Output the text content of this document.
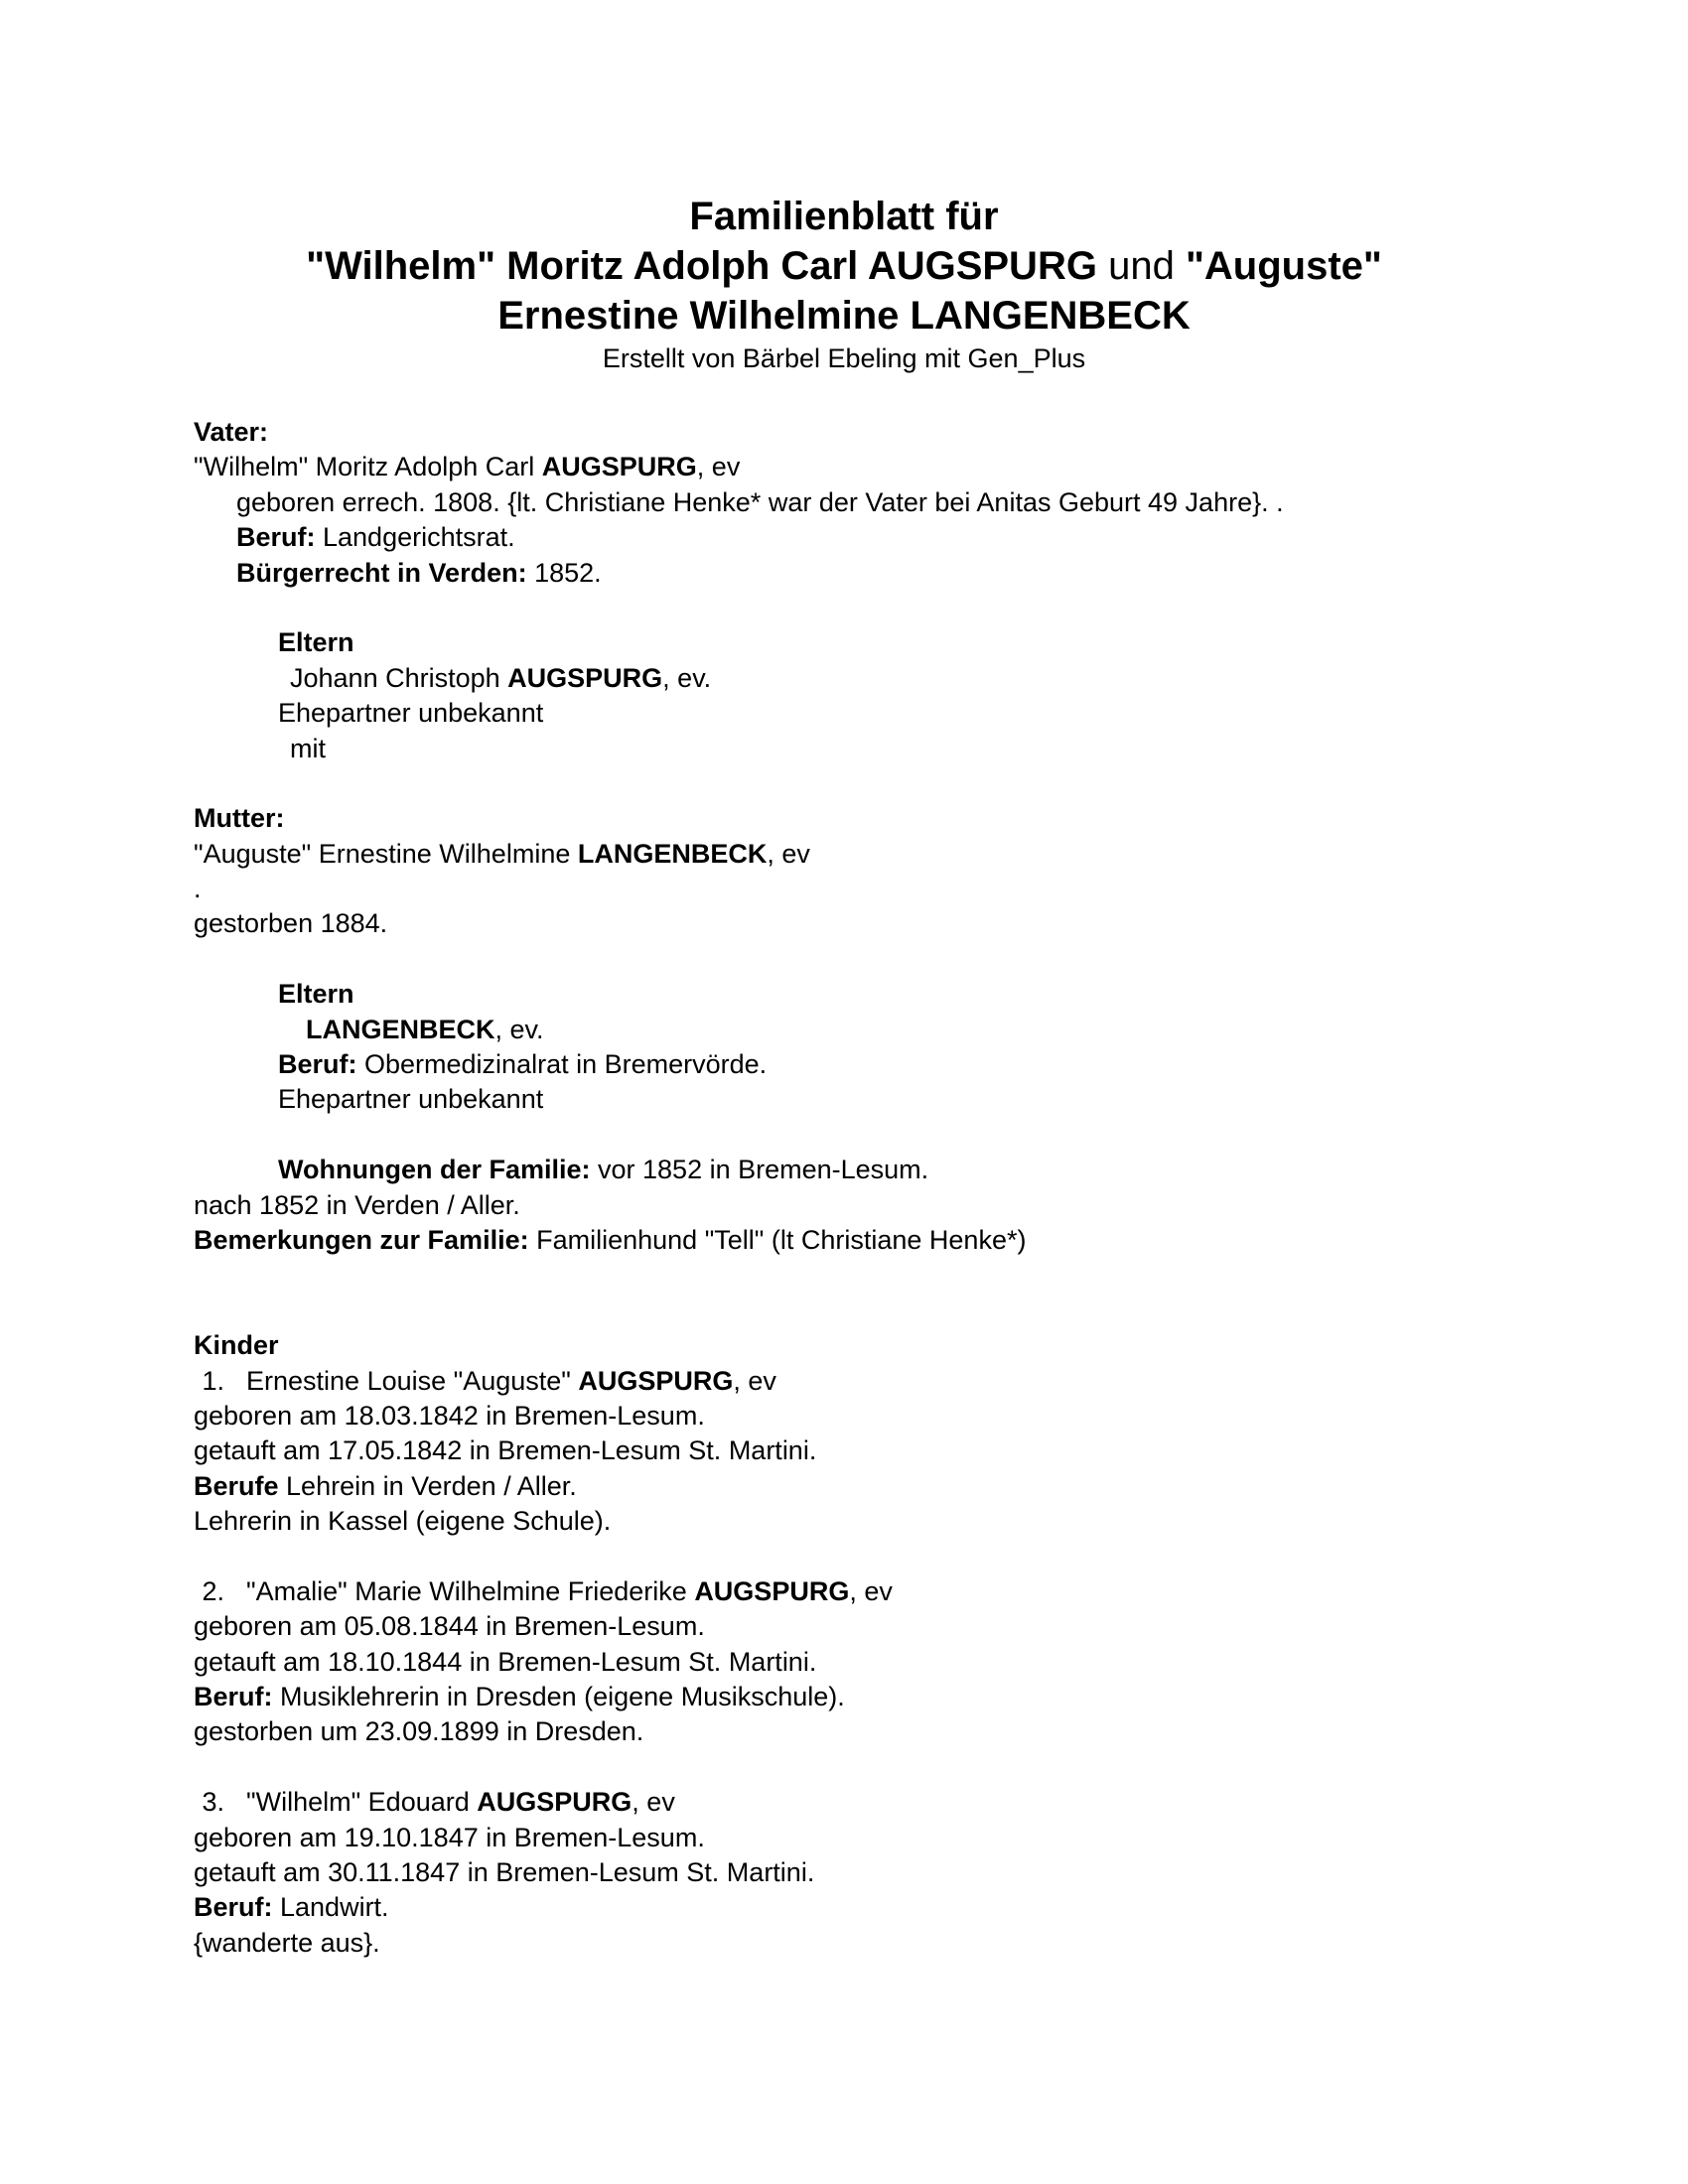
Familienblatt für
"Wilhelm" Moritz Adolph Carl AUGSPURG und "Auguste"
Ernestine Wilhelmine LANGENBECK
Erstellt von Bärbel Ebeling mit Gen_Plus
Vater:
"Wilhelm" Moritz Adolph Carl AUGSPURG, ev
geboren errech. 1808. {lt. Christiane Henke* war der Vater bei Anitas Geburt 49 Jahre}. .
Beruf: Landgerichtsrat.
Bürgerrecht in Verden: 1852.
Eltern
Johann Christoph AUGSPURG, ev.
Ehepartner unbekannt
mit
Mutter:
"Auguste" Ernestine Wilhelmine LANGENBECK, ev
.
gestorben 1884.
Eltern
LANGENBECK, ev.
Beruf: Obermedizinalrat in Bremervörde.
Ehepartner unbekannt
Wohnungen der Familie: vor 1852 in Bremen-Lesum.
nach 1852 in Verden / Aller.
Bemerkungen zur Familie: Familienhund "Tell" (lt Christiane Henke*)
Kinder
1. Ernestine Louise "Auguste" AUGSPURG, ev
geboren am 18.03.1842 in Bremen-Lesum.
getauft am 17.05.1842 in Bremen-Lesum St. Martini.
Berufe Lehrein in Verden / Aller.
Lehrerin in Kassel (eigene Schule).
2. "Amalie" Marie Wilhelmine Friederike AUGSPURG, ev
geboren am 05.08.1844 in Bremen-Lesum.
getauft am 18.10.1844 in Bremen-Lesum St. Martini.
Beruf: Musiklehrerin in Dresden (eigene Musikschule).
gestorben um 23.09.1899 in Dresden.
3. "Wilhelm" Edouard AUGSPURG, ev
geboren am 19.10.1847 in Bremen-Lesum.
getauft am 30.11.1847 in Bremen-Lesum St. Martini.
Beruf: Landwirt.
{wanderte aus}.
